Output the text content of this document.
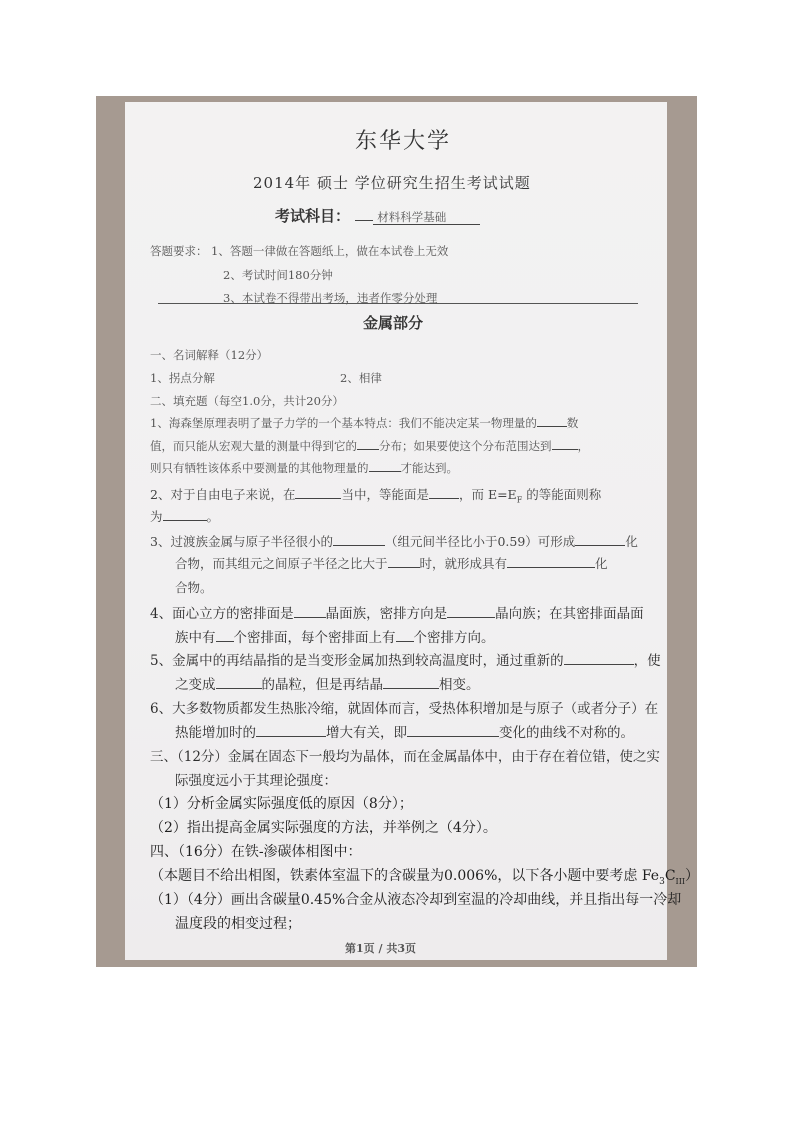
东华大学
2014年 硕士 学位研究生招生考试试题
考试科目： 材料科学基础
答题要求： 1、答题一律做在答题纸上，做在本试卷上无效
2、考试时间180分钟
3、本试卷不得带出考场，违者作零分处理
金属部分
一、名词解释（12分）
1、拐点分解	2、相律
二、填充题（每空1.0分，共计20分）
1、海森堡原理表明了量子力学的一个基本特点：我们不能决定某一物理量的	数
值，而只能从宏观大量的测量中得到它的 分布；如果要使这个分布范围达到 ，
则只有牺牲该体系中要测量的其他物理量的	才能达到。
2、对于自由电子来说，在	当中，等能面是 ，而 $E=E_F$ 的等能面则称
为	。
3、过渡族金属与原子半径很小的	（组元间半径比小于0.59）可形成	化
合物，而其组元之间原子半径之比大于	时，就形成具有	化
合物。
4、面心立方的密排面是 晶面族，密排方向是	晶向族；在其密排面晶面
族中有 个密排面，每个密排面上有 个密排方向。
5、金属中的再结晶指的是当变形金属加热到较高温度时，通过重新的	，使
之变成	的晶粒，但是再结晶	相变。
6、大多数物质都发生热胀冷缩，就固体而言，受热体积增加是与原子（或者分子）在
热能增加时的	增大有关，即	变化的曲线不对称的。
三、（12分）金属在固态下一般均为晶体，而在金属晶体中，由于存在着位错，使之实
际强度远小于其理论强度：
（1）分析金属实际强度低的原因（8分）；
（2）指出提高金属实际强度的方法，并举例之（4分）。
四、（16分）在铁-渗碳体相图中：
（本题目不给出相图，铁素体室温下的含碳量为0.006%，以下各小题中要考虑 $Fe_3C_{III}$）
（1）（4分）画出含碳量0.45%合金从液态冷却到室温的冷却曲线，并且指出每一冷却
温度段的相变过程；
第1页 / 共3页
